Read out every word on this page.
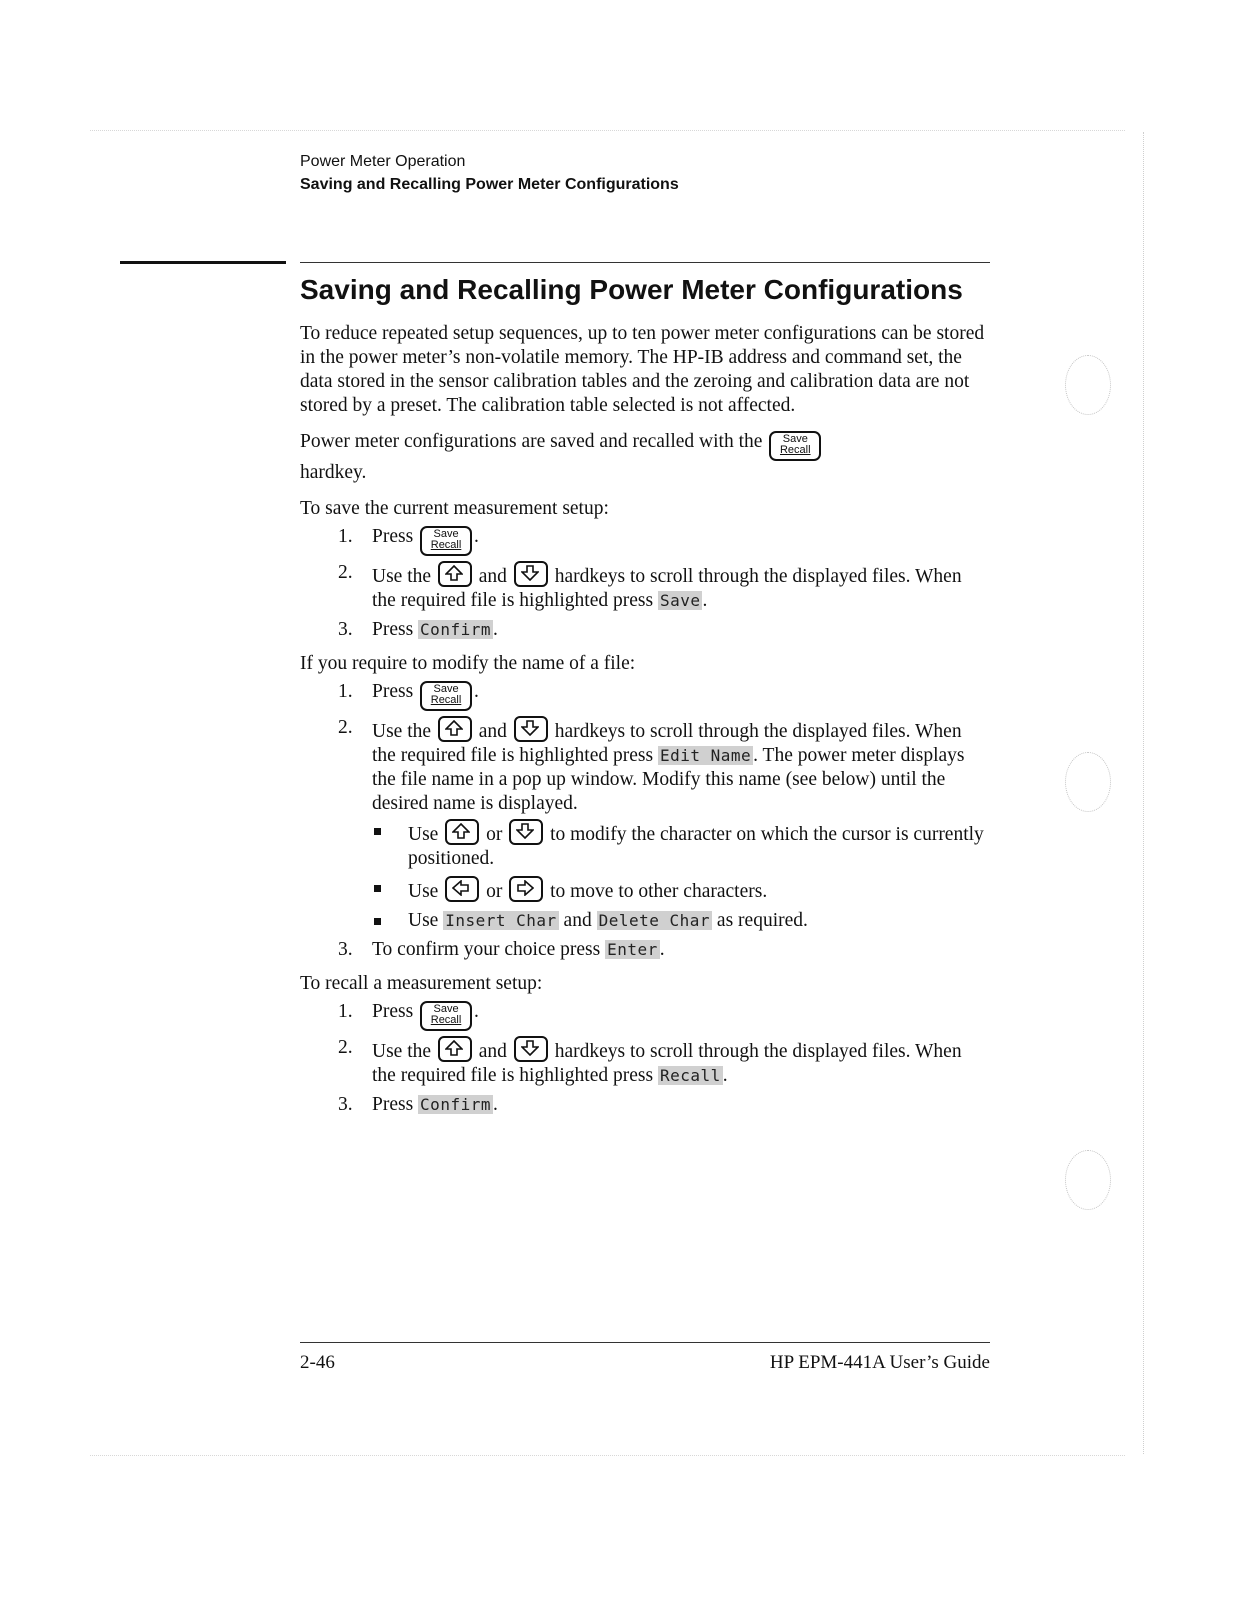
Power Meter Operation
Saving and Recalling Power Meter Configurations
Saving and Recalling Power Meter Configurations

To reduce repeated setup sequences, up to ten power meter configurations can be stored in the power meter’s non-volatile memory. The HP-IB address and command set, the data stored in the sensor calibration tables and the zeroing and calibration data are not stored by a preset. The calibration table selected is not affected.

Power meter configurations are saved and recalled with the	Save
Recall

hardkey.

To save the current measurement setup:

1. Press	Save
Recall .
2. Use the and hardkeys to scroll through the displayed files. When the required file is highlighted press Save .
3. Press Confirm .

If you require to modify the name of a file:

1. Press	Save
Recall .
2. Use the and hardkeys to scroll through the displayed files. When the required file is highlighted press Edit Name . The power meter displays the file name in a pop up window. Modify this name (see below) until the desired name is displayed.
Use or to modify the character on which the cursor is currently positioned.
Use or to move to other characters.
Use Insert Char and Delete Char as required.
3. To confirm your choice press Enter .

To recall a measurement setup:

1. Press	Save
Recall .
2. Use the and hardkeys to scroll through the displayed files. When the required file is highlighted press Recall .
3. Press Confirm .
2-46	HP EPM-441A User’s Guide
